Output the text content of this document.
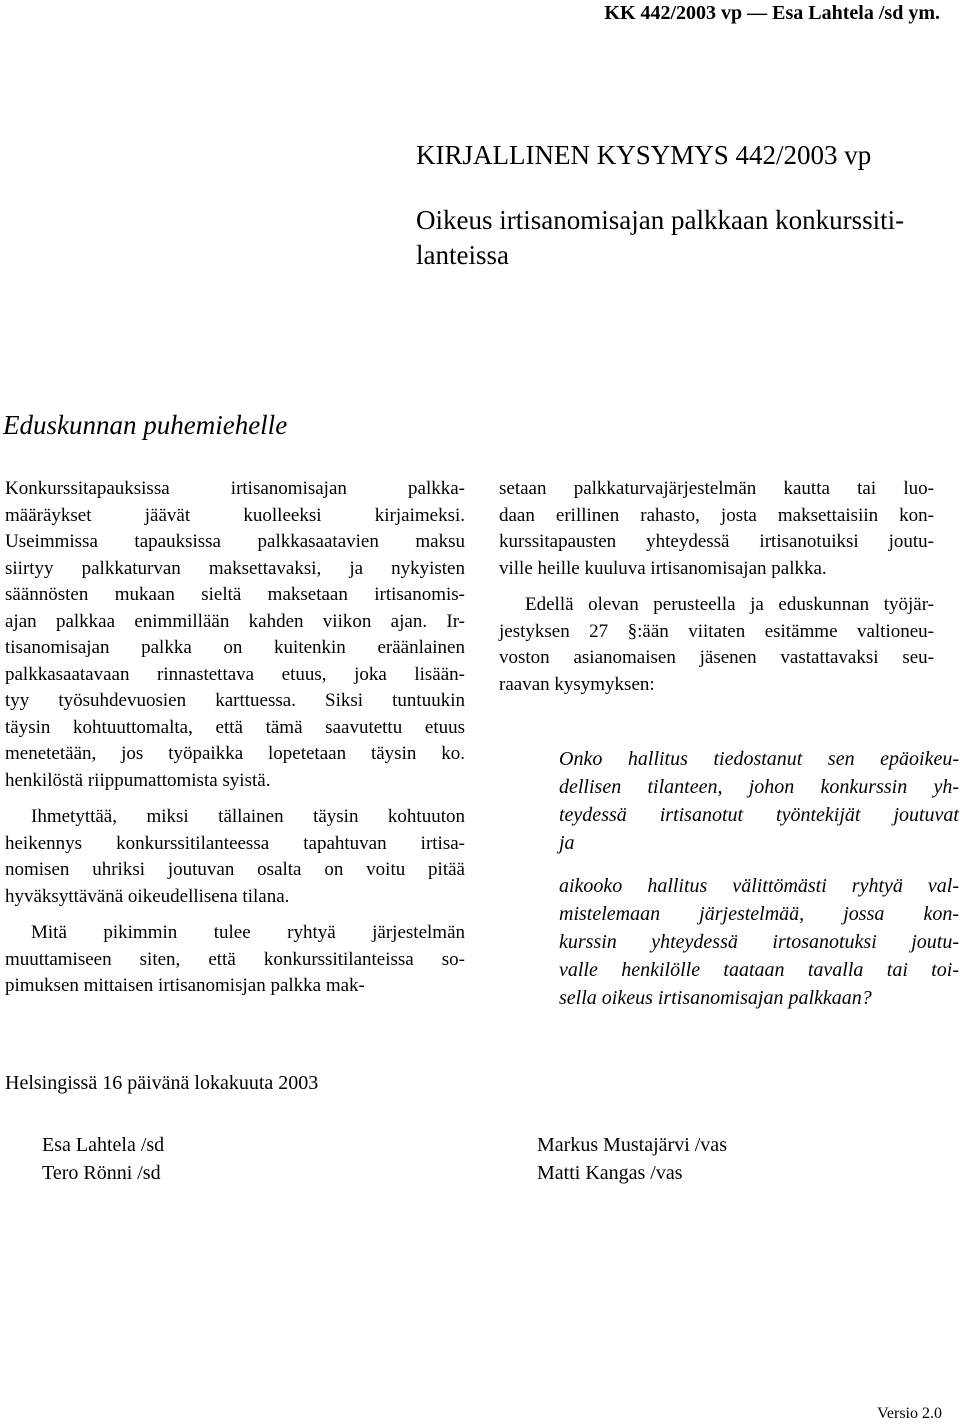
KK 442/2003 vp — Esa Lahtela /sd ym.
KIRJALLINEN KYSYMYS 442/2003 vp
Oikeus irtisanomisajan palkkaan konkurssiti-
lanteissa
Eduskunnan puhemiehelle

Konkurssitapauksissa irtisanomisajan palkka-
määräykset jäävät kuolleeksi kirjaimeksi.
Useimmissa tapauksissa palkkasaatavien maksu
siirtyy palkkaturvan maksettavaksi, ja nykyisten
säännösten mukaan sieltä maksetaan irtisanomis-
ajan palkkaa enimmillään kahden viikon ajan. Ir-
tisanomisajan palkka on kuitenkin eräänlainen
palkkasaatavaan rinnastettava etuus, joka lisään-
tyy työsuhdevuosien karttuessa. Siksi tuntuukin
täysin kohtuuttomalta, että tämä saavutettu etuus
menetetään, jos työpaikka lopetetaan täysin ko.
henkilöstä riippumattomista syistä.

Ihmetyttää, miksi tällainen täysin kohtuuton
heikennys konkurssitilanteessa tapahtuvan irtisa-
nomisen uhriksi joutuvan osalta on voitu pitää
hyväksyttävänä oikeudellisena tilana.

Mitä pikimmin tulee ryhtyä järjestelmän
muuttamiseen siten, että konkurssitilanteissa so-
pimuksen mittaisen irtisanomisjan palkka mak-

setaan palkkaturvajärjestelmän kautta tai luo-
daan erillinen rahasto, josta maksettaisiin kon-
kurssitapausten yhteydessä irtisanotuiksi joutu-
ville heille kuuluva irtisanomisajan palkka.

Edellä olevan perusteella ja eduskunnan työjär-
jestyksen 27 §:ään viitaten esitämme valtioneu-
voston asianomaisen jäsenen vastattavaksi seu-
raavan kysymyksen:

Onko hallitus tiedostanut sen epäoikeu-
dellisen tilanteen, johon konkurssin yh-
teydessä irtisanotut työntekijät joutuvat
ja
aikooko hallitus välittömästi ryhtyä val-
mistelemaan järjestelmää, jossa kon-
kurssin yhteydessä irtosanotuksi joutu-
valle henkilölle taataan tavalla tai toi-
sella oikeus irtisanomisajan palkkaan?
Helsingissä 16 päivänä lokakuuta 2003
Esa Lahtela /sd
Tero Rönni /sd
Markus Mustajärvi /vas
Matti Kangas /vas
Versio 2.0
